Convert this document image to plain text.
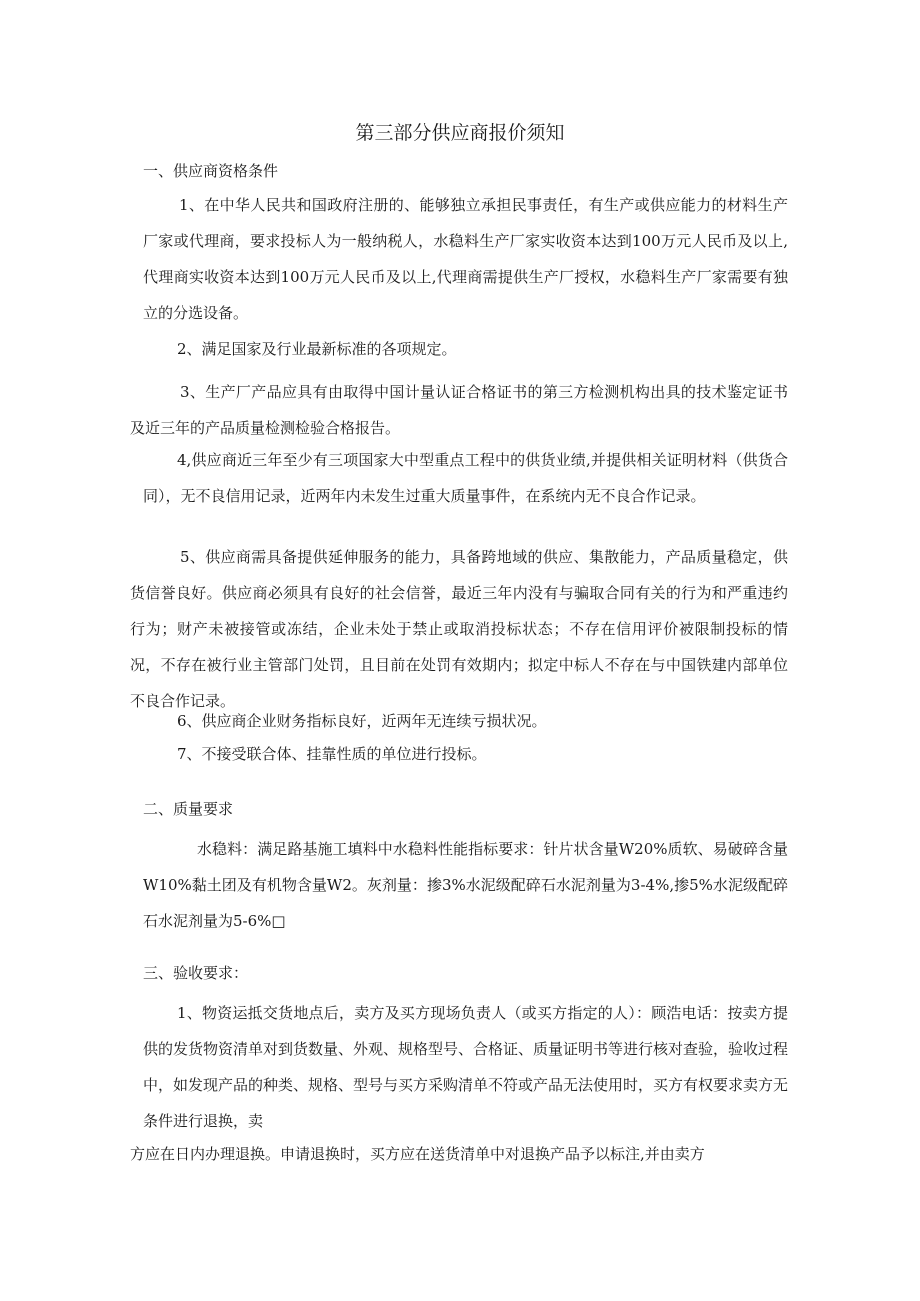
第三部分供应商报价须知

一、供应商资格条件

1、在中华人民共和国政府注册的、能够独立承担民事责任，有生产或供应能力的材料生产厂家或代理商，要求投标人为一般纳税人，水稳料生产厂家实收资本达到100万元人民币及以上,代理商实收资本达到100万元人民币及以上,代理商需提供生产厂授权，水稳料生产厂家需要有独立的分选设备。

2、满足国家及行业最新标准的各项规定。

3、生产厂产品应具有由取得中国计量认证合格证书的第三方检测机构出具的技术鉴定证书及近三年的产品质量检测检验合格报告。

4,供应商近三年至少有三项国家大中型重点工程中的供货业绩,并提供相关证明材料（供货合同），无不良信用记录，近两年内未发生过重大质量事件，在系统内无不良合作记录。

5、供应商需具备提供延伸服务的能力，具备跨地域的供应、集散能力，产品质量稳定，供货信誉良好。供应商必须具有良好的社会信誉，最近三年内没有与骗取合同有关的行为和严重违约行为；财产未被接管或冻结，企业未处于禁止或取消投标状态；不存在信用评价被限制投标的情况，不存在被行业主管部门处罚，且目前在处罚有效期内；拟定中标人不存在与中国铁建内部单位不良合作记录。

6、供应商企业财务指标良好，近两年无连续亏损状况。

7、不接受联合体、挂靠性质的单位进行投标。

二、质量要求

水稳料：满足路基施工填料中水稳料性能指标要求：针片状含量W20%质软、易破碎含量W10%黏土团及有机物含量W2。灰剂量：掺3%水泥级配碎石水泥剂量为3-4%,掺5%水泥级配碎石水泥剂量为5-6%□

三、验收要求：

1、物资运抵交货地点后，卖方及买方现场负责人（或买方指定的人）：顾浩电话：按卖方提供的发货物资清单对到货数量、外观、规格型号、合格证、质量证明书等进行核对查验，验收过程中，如发现产品的种类、规格、型号与买方采购清单不符或产品无法使用时，买方有权要求卖方无条件进行退换，卖

方应在日内办理退换。申请退换时，买方应在送货清单中对退换产品予以标注,并由卖方
